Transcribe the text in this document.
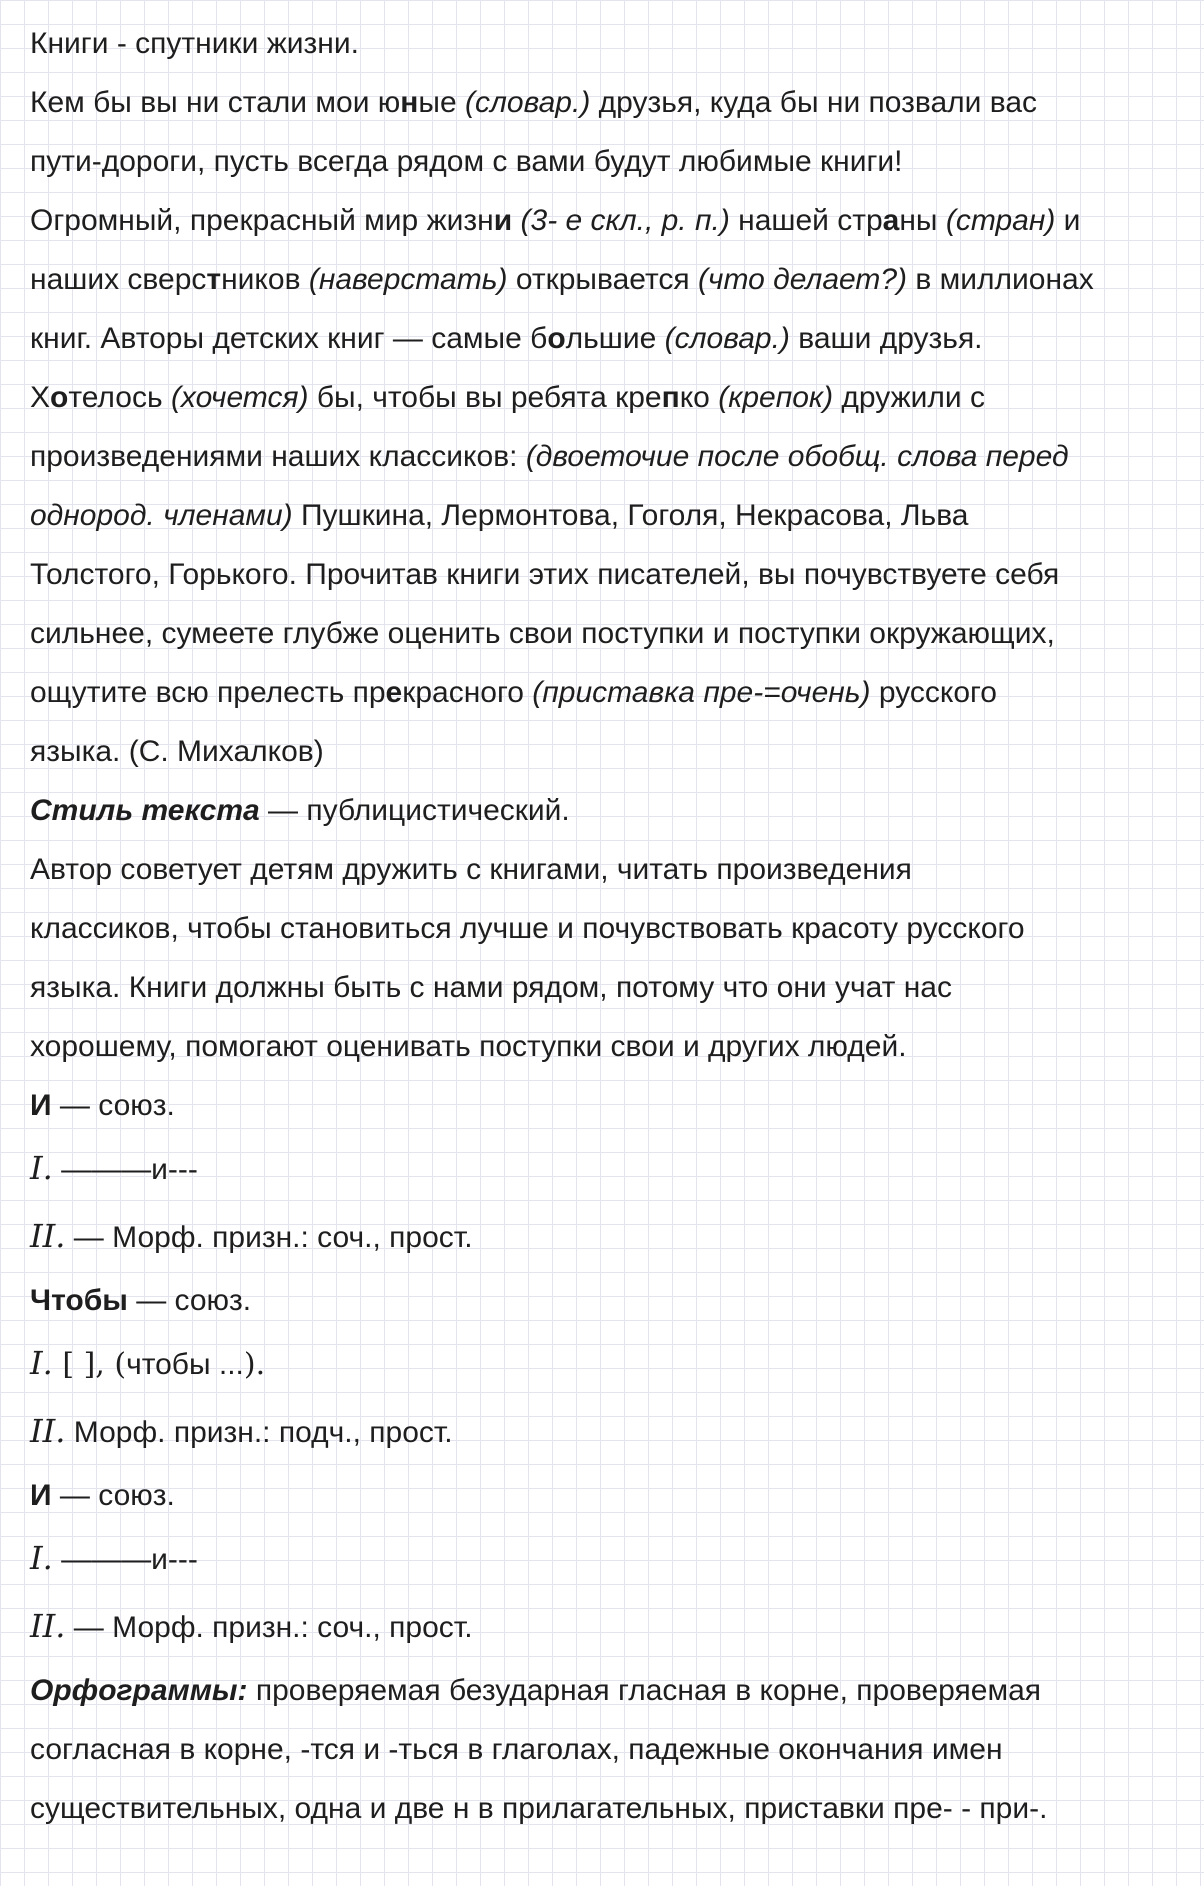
Книги - спутники жизни.
Кем бы вы ни стали мои юные (словар.) друзья, куда бы ни позвали вас
пути-дороги, пусть всегда рядом с вами будут любимые книги!
Огромный, прекрасный мир жизни (3- е скл., р. п.) нашей страны (стран) и
наших сверстников (наверстать) открывается (что делает?) в миллионах
книг. Авторы детских книг — самые большие (словар.) ваши друзья.
Хотелось (хочется) бы, чтобы вы ребята крепко (крепок) дружили с
произведениями наших классиков: (двоеточие после обобщ. слова перед
однород. членами) Пушкина, Лермонтова, Гоголя, Некрасова, Льва
Толстого, Горького. Прочитав книги этих писателей, вы почувствуете себя
сильнее, сумеете глубже оценить свои поступки и поступки окружающих,
ощутите всю прелесть прекрасного (приставка пре-=очень) русского
языка. (С. Михалков)
Стиль текста — публицистический.
Автор советует детям дружить с книгами, читать произведения
классиков, чтобы становиться лучше и почувствовать красоту русского
языка. Книги должны быть с нами рядом, потому что они учат нас
хорошему, помогают оценивать поступки свои и других людей.
И — союз.
I. ———и---
II. — Морф. призн.: соч., прост.
Чтобы — союз.
I. [ ], (чтобы ...).
II. Морф. призн.: подч., прост.
И — союз.
I. ———и---
II. — Морф. призн.: соч., прост.
Орфограммы: проверяемая безударная гласная в корне, проверяемая
согласная в корне, -тся и -ться в глаголах, падежные окончания имен
существительных, одна и две н в прилагательных, приставки пре- - при-.
